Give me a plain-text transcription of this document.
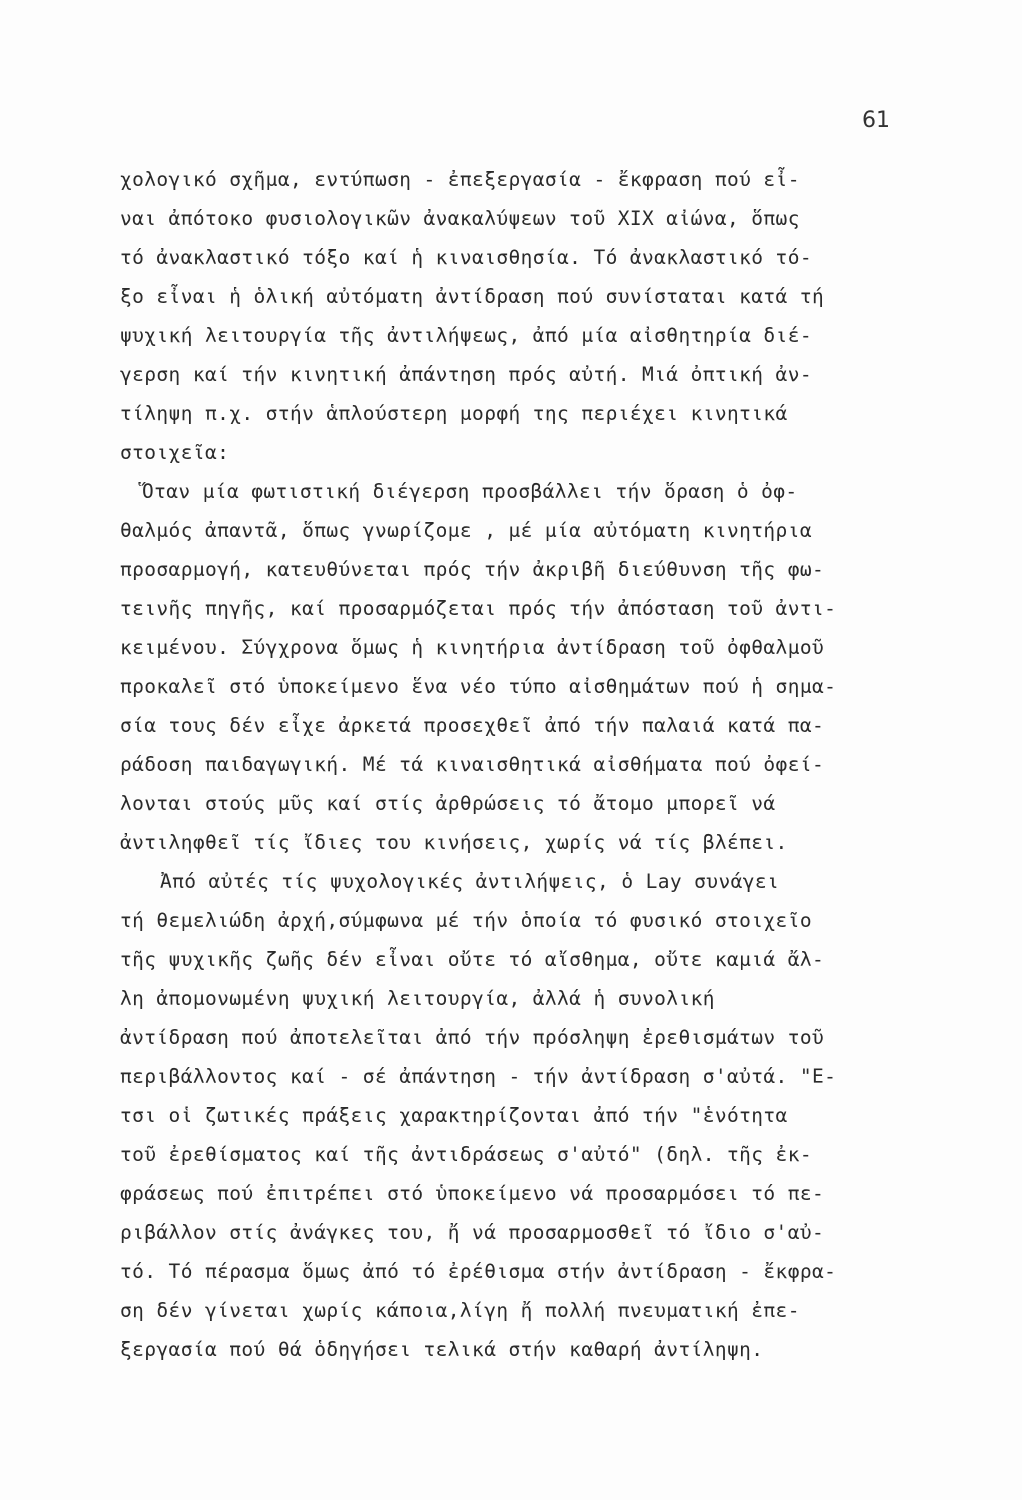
61
χολογικό σχῆμα, εντύπωση - ἐπεξεργασία - ἔκφραση πού εἶ-
ναι ἀπότοκο φυσιολογικῶν ἀνακαλύψεων τοῦ XIX αἰώνα, ὅπως
τό ἀνακλαστικό τόξο καί ἡ κιναισθησία. Τό ἀνακλαστικό τό-
ξο εἶναι ἡ ὁλική αὐτόματη ἀντίδραση πού συνίσταται κατά τή
ψυχική λειτουργία τῆς ἀντιλήψεως, ἀπό μία αἰσθητηρία διέ-
γερση καί τήν κινητική ἀπάντηση πρός αὐτή. Μιά ὀπτική ἀν-
τίληψη π.χ. στήν ἁπλούστερη μορφή της περιέχει κινητικά
στοιχεῖα:
Ὅταν μία φωτιστική διέγερση προσβάλλει τήν ὅραση ὁ ὀφ-
θαλμός ἀπαντᾶ, ὅπως γνωρίζομε , μέ μία αὐτόματη κινητήρια
προσαρμογή, κατευθύνεται πρός τήν ἀκριβῆ διεύθυνση τῆς φω-
τεινῆς πηγῆς, καί προσαρμόζεται πρός τήν ἀπόσταση τοῦ ἀντι-
κειμένου. Σύγχρονα ὅμως ἡ κινητήρια ἀντίδραση τοῦ ὀφθαλμοῦ
προκαλεῖ στό ὑποκείμενο ἕνα νέο τύπο αἰσθημάτων πού ἡ σημα-
σία τους δέν εἶχε ἀρκετά προσεχθεῖ ἀπό τήν παλαιά κατά πα-
ράδοση παιδαγωγική. Μέ τά κιναισθητικά αἰσθήματα πού ὀφεί-
λονται στούς μῦς καί στίς ἀρθρώσεις τό ἄτομο μπορεῖ νά
ἀντιληφθεῖ τίς ἴδιες του κινήσεις, χωρίς νά τίς βλέπει.
Ἀπό αὐτές τίς ψυχολογικές ἀντιλήψεις, ὁ Lay συνάγει
τή θεμελιώδη ἀρχή,σύμφωνα μέ τήν ὁποία τό φυσικό στοιχεῖο
τῆς ψυχικῆς ζωῆς δέν εἶναι οὔτε τό αἴσθημα, οὔτε καμιά ἄλ-
λη ἀπομονωμένη ψυχική λειτουργία, ἀλλά ἡ συνολική
ἀντίδραση πού ἀποτελεῖται ἀπό τήν πρόσληψη ἐρεθισμάτων τοῦ
περιβάλλοντος καί - σέ ἀπάντηση - τήν ἀντίδραση σ'αὐτά. "Ε-
τσι οἱ ζωτικές πράξεις χαρακτηρίζονται ἀπό τήν "ἑνότητα
τοῦ ἐρεθίσματος καί τῆς ἀντιδράσεως σ'αὐτό" (δηλ. τῆς ἐκ-
φράσεως πού ἐπιτρέπει στό ὑποκείμενο νά προσαρμόσει τό πε-
ριβάλλον στίς ἀνάγκες του, ἤ νά προσαρμοσθεῖ τό ἴδιο σ'αὐ-
τό. Τό πέρασμα ὅμως ἀπό τό ἐρέθισμα στήν ἀντίδραση - ἔκφρα-
ση δέν γίνεται χωρίς κάποια,λίγη ἤ πολλή πνευματική ἐπε-
ξεργασία πού θά ὁδηγήσει τελικά στήν καθαρή ἀντίληψη.
